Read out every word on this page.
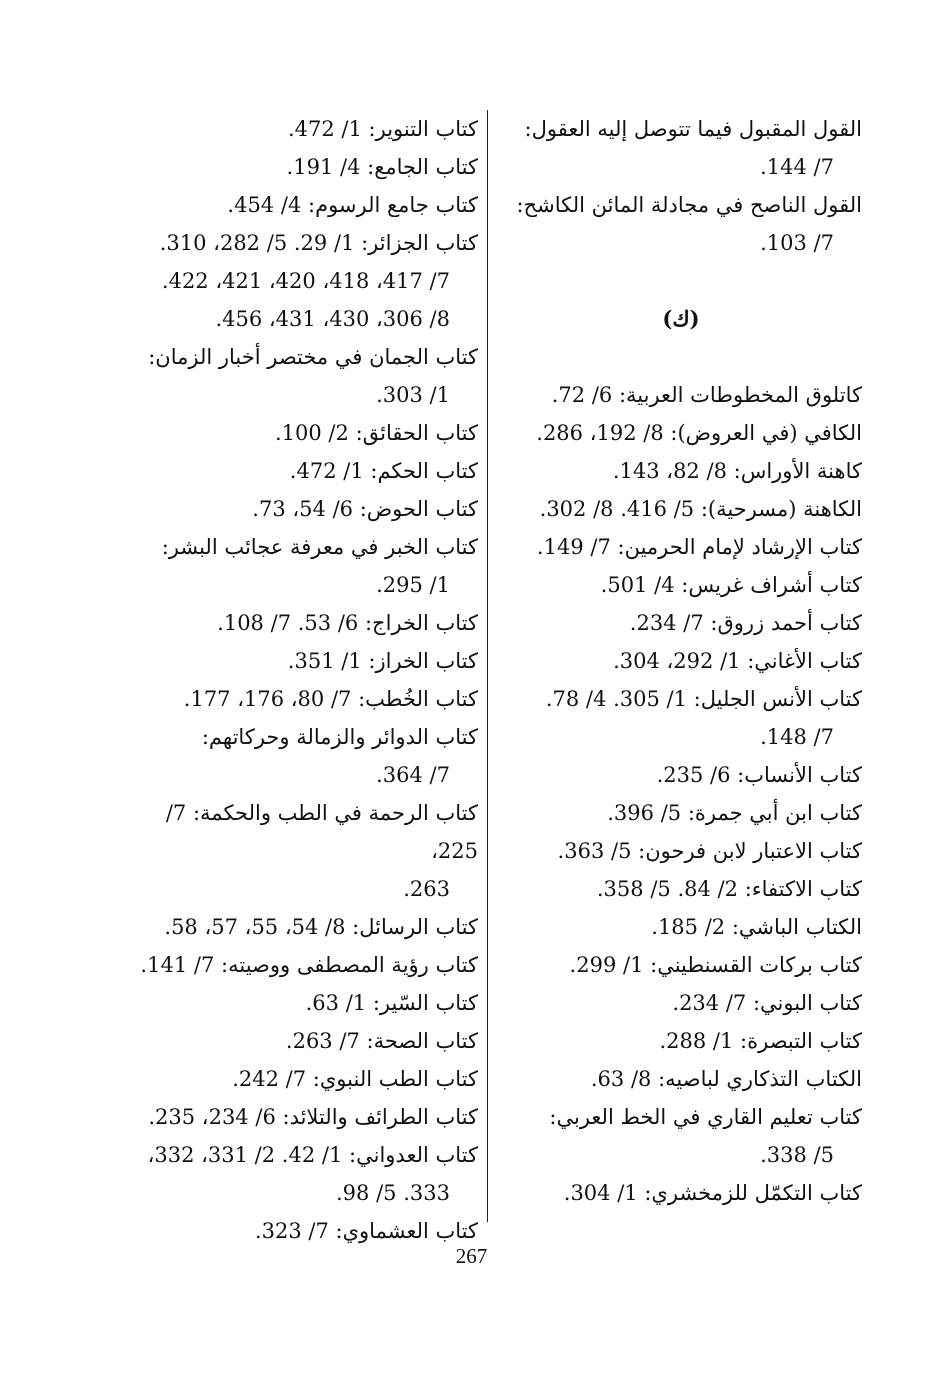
القول المقبول فيما تتوصل إليه العقول:

7/ 144.

القول الناصح في مجادلة المائن الكاشح:

7/ 103.

(ك)

كاتلوق المخطوطات العربية: 6/ 72.

الكافي (في العروض): 8/ 192، 286.

كاهنة الأوراس: 8/ 82، 143.

الكاهنة (مسرحية): 5/ 416. 8/ 302.

كتاب الإرشاد لإمام الحرمين: 7/ 149.

كتاب أشراف غريس: 4/ 501.

كتاب أحمد زروق: 7/ 234.

كتاب الأغاني: 1/ 292، 304.

كتاب الأنس الجليل: 1/ 305. 4/ 78.

7/ 148.

كتاب الأنساب: 6/ 235.

كتاب ابن أبي جمرة: 5/ 396.

كتاب الاعتبار لابن فرحون: 5/ 363.

كتاب الاكتفاء: 2/ 84. 5/ 358.

الكتاب الباشي: 2/ 185.

كتاب بركات القسنطيني: 1/ 299.

كتاب البوني: 7/ 234.

كتاب التبصرة: 1/ 288.

الكتاب التذكاري لباصيه: 8/ 63.

كتاب تعليم القاري في الخط العربي:

5/ 338.

كتاب التكمّل للزمخشري: 1/ 304.

كتاب التنوير: 1/ 472.

كتاب الجامع: 4/ 191.

كتاب جامع الرسوم: 4/ 454.

كتاب الجزائر: 1/ 29. 5/ 282، 310.

7/ 417، 418، 420، 421، 422.

8/ 306، 430، 431، 456.

كتاب الجمان في مختصر أخبار الزمان:

1/ 303.

كتاب الحقائق: 2/ 100.

كتاب الحكم: 1/ 472.

كتاب الحوض: 6/ 54، 73.

كتاب الخبر في معرفة عجائب البشر:

1/ 295.

كتاب الخراج: 6/ 53. 7/ 108.

كتاب الخراز: 1/ 351.

كتاب الخُطب: 7/ 80، 176، 177.

كتاب الدوائر والزمالة وحركاتهم:

7/ 364.

كتاب الرحمة في الطب والحكمة: 7/ 225،

263.

كتاب الرسائل: 8/ 54، 55، 57، 58.

كتاب رؤية المصطفى ووصيته: 7/ 141.

كتاب السّير: 1/ 63.

كتاب الصحة: 7/ 263.

كتاب الطب النبوي: 7/ 242.

كتاب الطرائف والتلائد: 6/ 234، 235.

كتاب العدواني: 1/ 42. 2/ 331، 332،

333. 5/ 98.

كتاب العشماوي: 7/ 323.

267
